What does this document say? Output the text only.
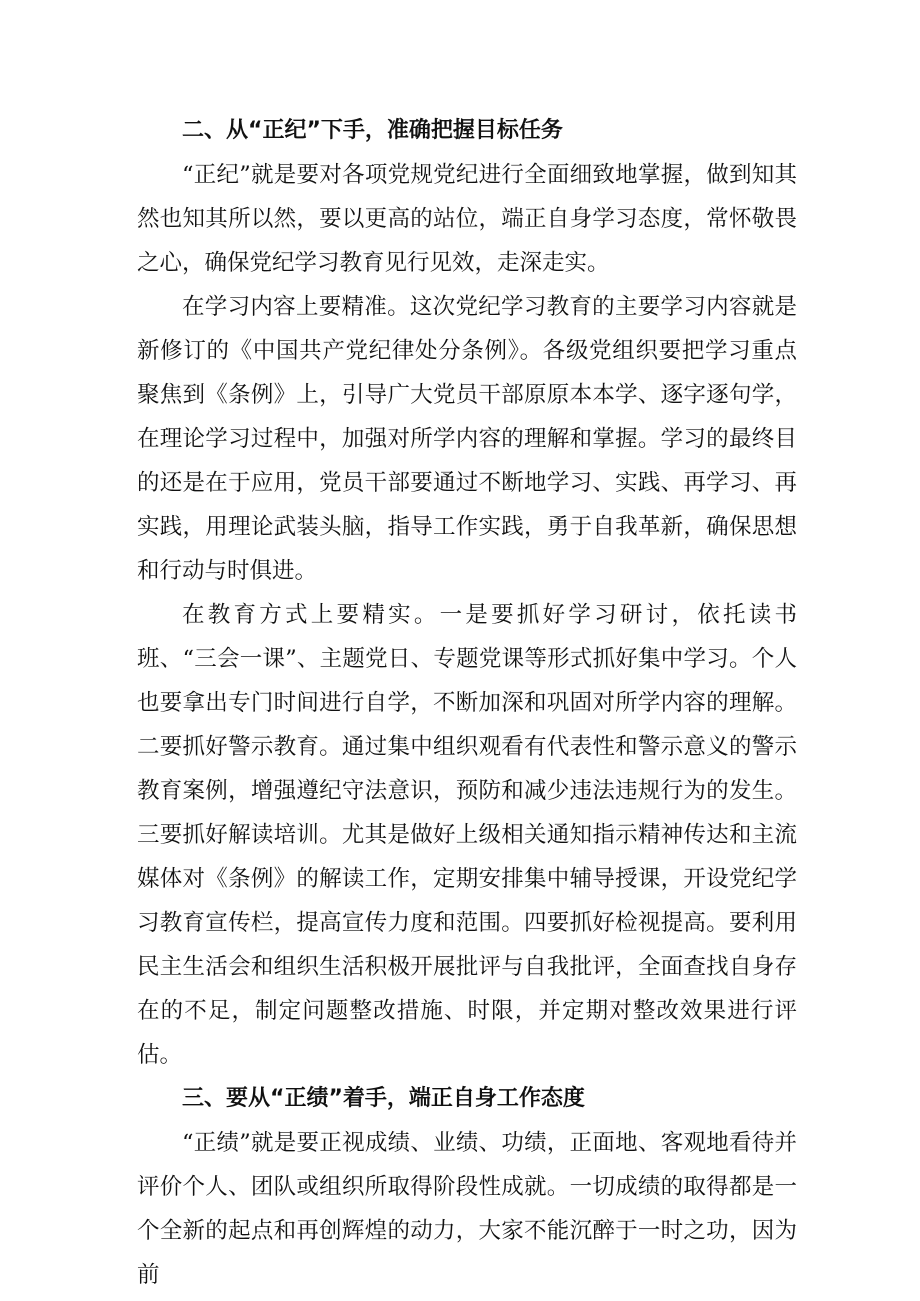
二、从“正纪”下手，准确把握目标任务

“正纪”就是要对各项党规党纪进行全面细致地掌握，做到知其然也知其所以然，要以更高的站位，端正自身学习态度，常怀敬畏之心，确保党纪学习教育见行见效，走深走实。

在学习内容上要精准。这次党纪学习教育的主要学习内容就是新修订的《中国共产党纪律处分条例》。各级党组织要把学习重点聚焦到《条例》上，引导广大党员干部原原本本学、逐字逐句学，在理论学习过程中，加强对所学内容的理解和掌握。学习的最终目的还是在于应用，党员干部要通过不断地学习、实践、再学习、再实践，用理论武装头脑，指导工作实践，勇于自我革新，确保思想和行动与时俱进。

在教育方式上要精实。一是要抓好学习研讨，依托读书班、“三会一课”、主题党日、专题党课等形式抓好集中学习。个人也要拿出专门时间进行自学，不断加深和巩固对所学内容的理解。二要抓好警示教育。通过集中组织观看有代表性和警示意义的警示教育案例，增强遵纪守法意识，预防和减少违法违规行为的发生。三要抓好解读培训。尤其是做好上级相关通知指示精神传达和主流媒体对《条例》的解读工作，定期安排集中辅导授课，开设党纪学习教育宣传栏，提高宣传力度和范围。四要抓好检视提高。要利用民主生活会和组织生活积极开展批评与自我批评，全面查找自身存在的不足，制定问题整改措施、时限，并定期对整改效果进行评估。

三、要从“正绩”着手，端正自身工作态度

“正绩”就是要正视成绩、业绩、功绩，正面地、客观地看待并评价个人、团队或组织所取得阶段性成就。一切成绩的取得都是一个全新的起点和再创辉煌的动力，大家不能沉醉于一时之功，因为前
